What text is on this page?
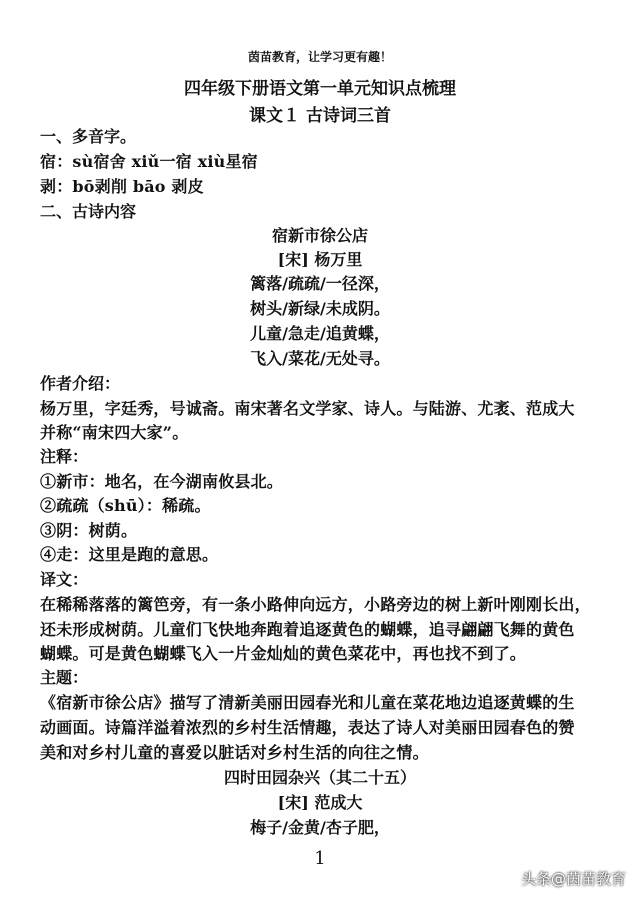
茵苗教育，让学习更有趣！
四年级下册语文第一单元知识点梳理
课文１ 古诗词三首
一、多音字。
宿：sù宿舍 xiǔ一宿 xiù星宿
剥：bō剥削 bāo 剥皮
二、古诗内容
宿新市徐公店
[宋] 杨万里
篱落/疏疏/一径深，
树头/新绿/未成阴。
儿童/急走/追黄蝶，
飞入/菜花/无处寻。
作者介绍：
杨万里，字廷秀，号诚斋。南宋著名文学家、诗人。与陆游、尤袤、范成大
并称“南宋四大家”。
注释：
①新市：地名，在今湖南攸县北。
②疏疏（shū）：稀疏。
③阴：树荫。
④走：这里是跑的意思。
译文：
在稀稀落落的篱笆旁，有一条小路伸向远方，小路旁边的树上新叶刚刚长出，
还未形成树荫。儿童们飞快地奔跑着追逐黄色的蝴蝶，追寻翩翩飞舞的黄色
蝴蝶。可是黄色蝴蝶飞入一片金灿灿的黄色菜花中，再也找不到了。
主题：
《宿新市徐公店》描写了清新美丽田园春光和儿童在菜花地边追逐黄蝶的生
动画面。诗篇洋溢着浓烈的乡村生活情趣，表达了诗人对美丽田园春色的赞
美和对乡村儿童的喜爱以脏话对乡村生活的向往之情。
四时田园杂兴（其二十五）
[宋] 范成大
梅子/金黄/杏子肥，
1
头条@茵苗教育
